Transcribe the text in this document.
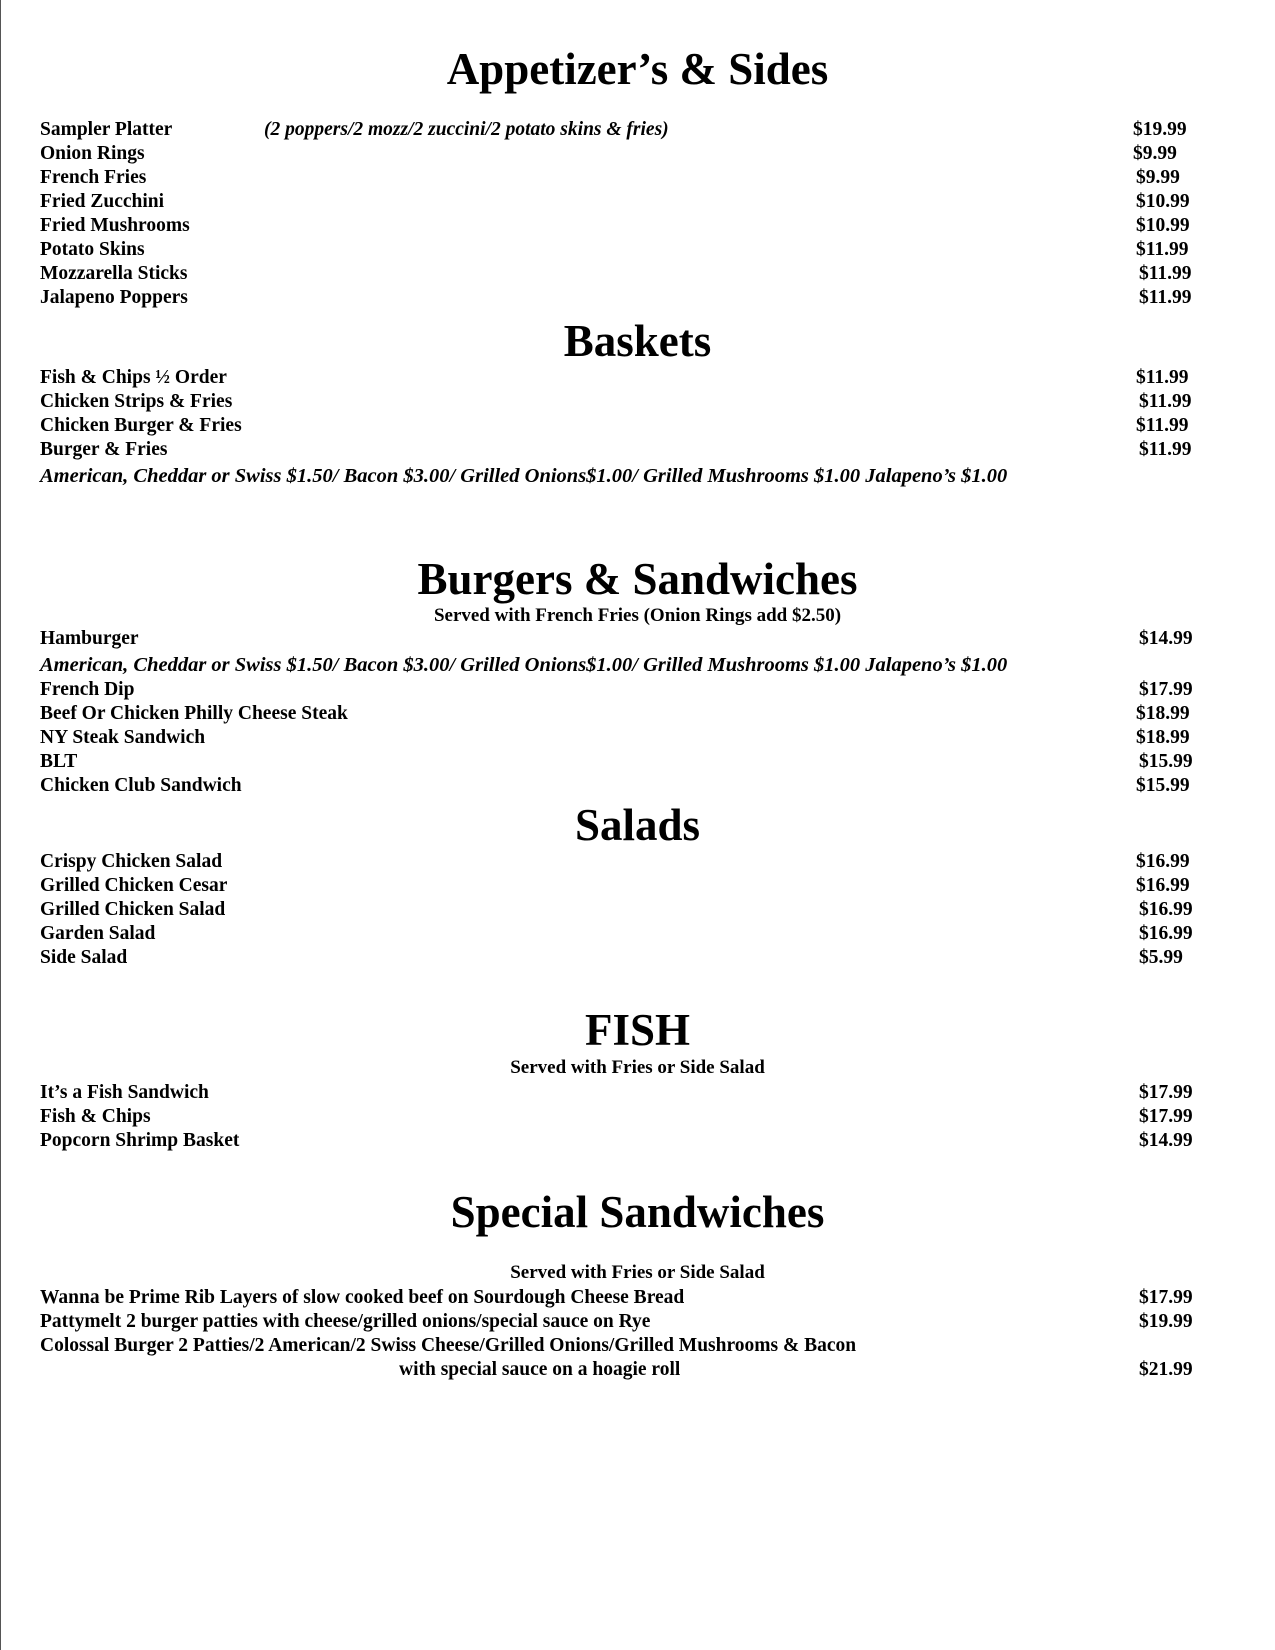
Appetizer’s & Sides
Sampler Platter	(2 poppers/2 mozz/2 zuccini/2 potato skins & fries)	$19.99
Onion Rings	$9.99
French Fries	$9.99
Fried Zucchini	$10.99
Fried Mushrooms	$10.99
Potato Skins	$11.99
Mozzarella Sticks	$11.99
Jalapeno Poppers	$11.99
Baskets
Fish & Chips ½ Order	$11.99
Chicken Strips & Fries	$11.99
Chicken Burger & Fries	$11.99
Burger & Fries	$11.99
American, Cheddar or Swiss $1.50/ Bacon $3.00/ Grilled Onions$1.00/ Grilled Mushrooms $1.00 Jalapeno’s $1.00
Burgers & Sandwiches
Served with French Fries (Onion Rings add $2.50)
Hamburger	$14.99
American, Cheddar or Swiss $1.50/ Bacon $3.00/ Grilled Onions$1.00/ Grilled Mushrooms $1.00 Jalapeno’s $1.00
French Dip	$17.99
Beef Or Chicken Philly Cheese Steak	$18.99
NY Steak Sandwich	$18.99
BLT	$15.99
Chicken Club Sandwich	$15.99
Salads
Crispy Chicken Salad	$16.99
Grilled Chicken Cesar	$16.99
Grilled Chicken Salad	$16.99
Garden Salad	$16.99
Side Salad	$5.99
FISH
Served with Fries or Side Salad
It’s a Fish Sandwich	$17.99
Fish & Chips	$17.99
Popcorn Shrimp Basket	$14.99
Special Sandwiches
Served with Fries or Side Salad
Wanna be Prime Rib Layers of slow cooked beef on Sourdough Cheese Bread	$17.99
Pattymelt 2 burger patties with cheese/grilled onions/special sauce on Rye	$19.99
Colossal Burger 2 Patties/2 American/2 Swiss Cheese/Grilled Onions/Grilled Mushrooms & Bacon
with special sauce on a hoagie roll	$21.99
